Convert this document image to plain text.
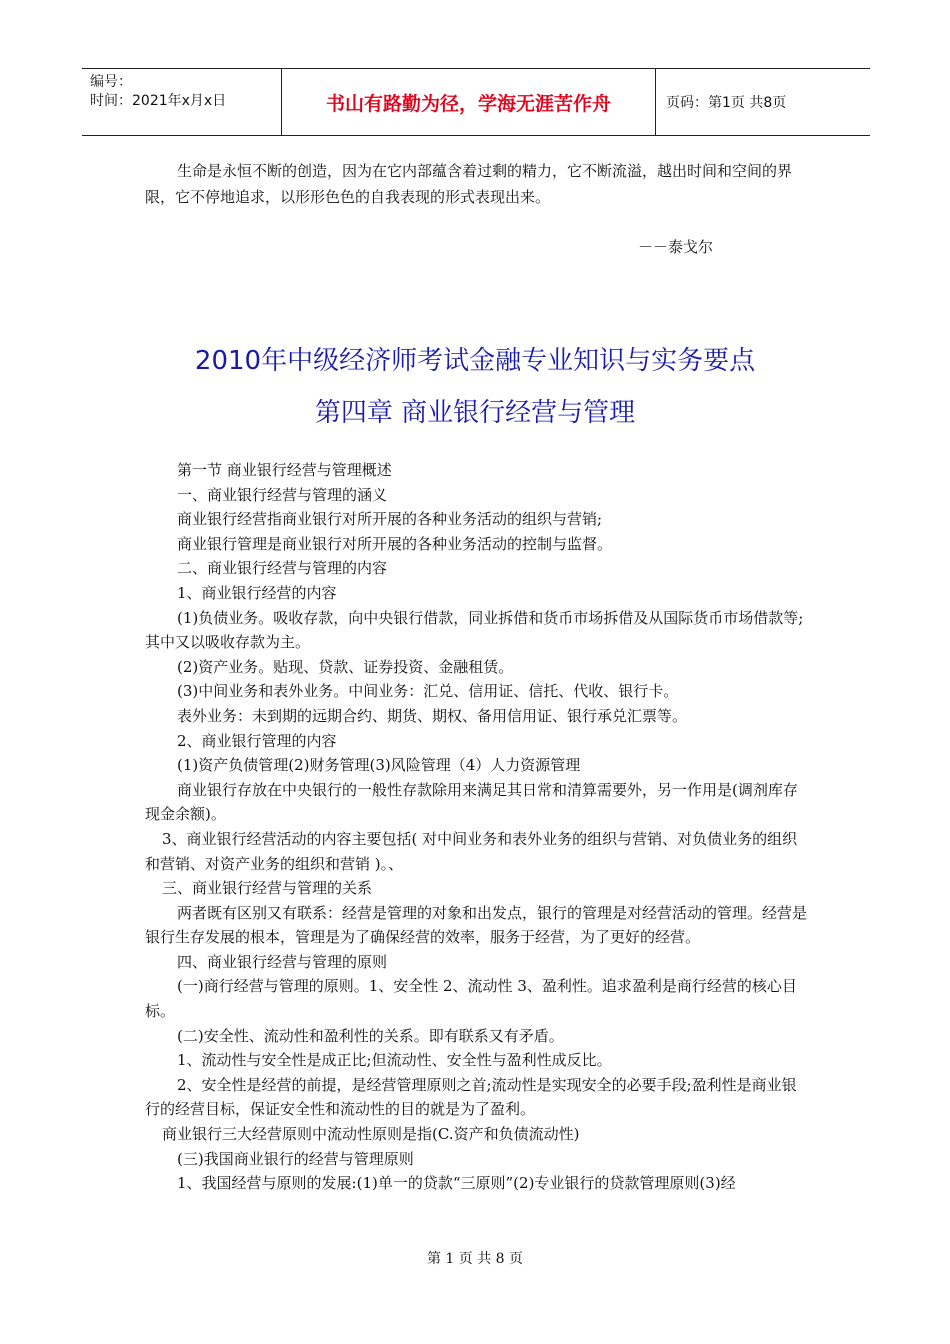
编号：
时间：2021年x月x日	书山有路勤为径，学海无涯苦作舟	页码：第1页 共8页

生命是永恒不断的创造，因为在它内部蕴含着过剩的精力，它不断流溢，越出时间和空间的界限，它不停地追求，以形形色色的自我表现的形式表现出来。

－－泰戈尔
2010年中级经济师考试金融专业知识与实务要点
第四章 商业银行经营与管理

第一节 商业银行经营与管理概述

一、商业银行经营与管理的涵义

商业银行经营指商业银行对所开展的各种业务活动的组织与营销;

商业银行管理是商业银行对所开展的各种业务活动的控制与监督。

二、商业银行经营与管理的内容

1、商业银行经营的内容

(1)负债业务。吸收存款，向中央银行借款，同业拆借和货币市场拆借及从国际货币市场借款等;其中又以吸收存款为主。

(2)资产业务。贴现、贷款、证券投资、金融租赁。

(3)中间业务和表外业务。中间业务：汇兑、信用证、信托、代收、银行卡。

表外业务：未到期的远期合约、期货、期权、备用信用证、银行承兑汇票等。

2、商业银行管理的内容

(1)资产负债管理(2)财务管理(3)风险管理（4）人力资源管理

商业银行存放在中央银行的一般性存款除用来满足其日常和清算需要外，另一作用是(调剂库存现金余额)。

3、商业银行经营活动的内容主要包括( 对中间业务和表外业务的组织与营销、对负债业务的组织和营销、对资产业务的组织和营销 )。、

三、商业银行经营与管理的关系

两者既有区别又有联系：经营是管理的对象和出发点，银行的管理是对经营活动的管理。经营是银行生存发展的根本，管理是为了确保经营的效率，服务于经营，为了更好的经营。

四、商业银行经营与管理的原则

(一)商行经营与管理的原则。1、安全性 2、流动性 3、盈利性。追求盈利是商行经营的核心目标。

(二)安全性、流动性和盈利性的关系。即有联系又有矛盾。

1、流动性与安全性是成正比;但流动性、安全性与盈利性成反比。

2、安全性是经营的前提，是经营管理原则之首;流动性是实现安全的必要手段;盈利性是商业银行的经营目标，保证安全性和流动性的目的就是为了盈利。

商业银行三大经营原则中流动性原则是指(C.资产和负债流动性)

(三)我国商业银行的经营与管理原则

1、我国经营与原则的发展:(1)单一的贷款“三原则”(2)专业银行的贷款管理原则(3)经

第 1 页 共 8 页
